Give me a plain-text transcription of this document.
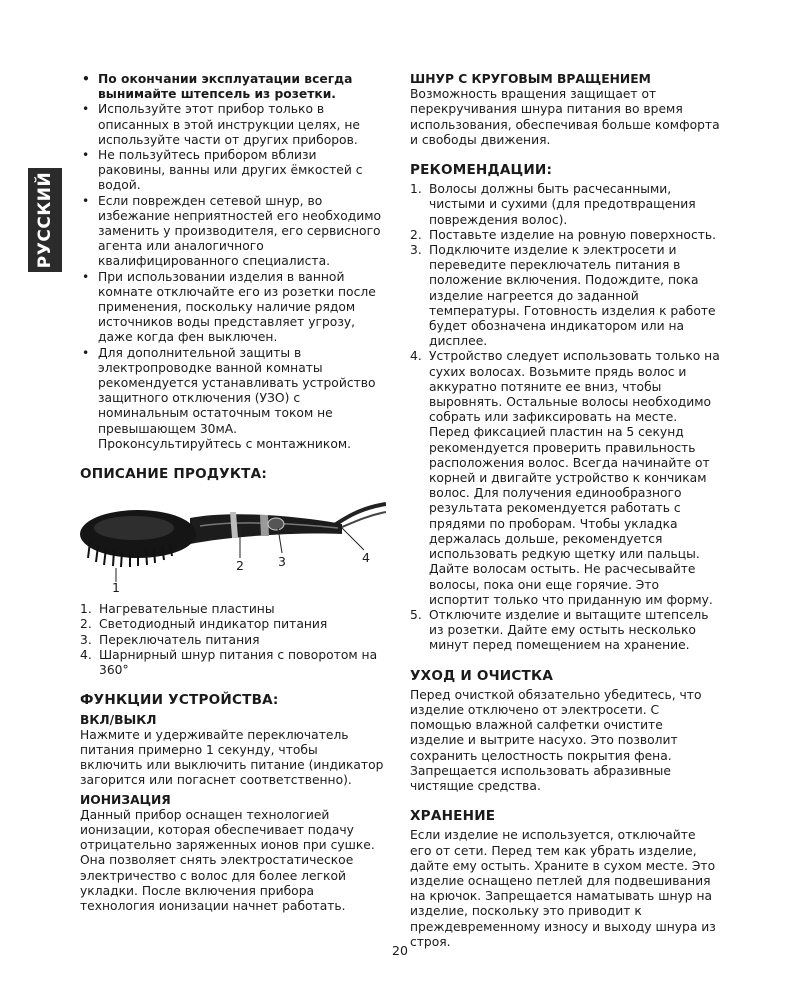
РУССКИЙ
• По окончании эксплуатации всегда вынимайте штепсель из розетки.
• Используйте этот прибор только в описанных в этой инструкции целях, не используйте части от других приборов.
• Не пользуйтесь прибором вблизи раковины, ванны или других ёмкостей с водой.
• Если поврежден сетевой шнур, во избежание неприятностей его необходимо заменить у производителя, его сервисного агента или аналогичного квалифицированного специалиста.
• При использовании изделия в ванной комнате отключайте его из розетки после применения, поскольку наличие рядом источников воды представляет угрозу, даже когда фен выключен.
• Для дополнительной защиты в электропроводке ванной комнаты рекомендуется устанавливать устройство защитного отключения (УЗО) с номинальным остаточным током не превышающем 30мА. Проконсультируйтесь с монтажником.
ОПИСАНИЕ ПРОДУКТА:
1
2	3	4
1. Нагревательные пластины
2. Светодиодный индикатор питания
3. Переключатель питания
4. Шарнирный шнур питания с поворотом на 360°
ФУНКЦИИ УСТРОЙСТВА:
ВКЛ/ВЫКЛ

Нажмите и удерживайте переключатель питания примерно 1 секунду, чтобы включить или выключить питание (индикатор загорится или погаснет соответственно).

ИОНИЗАЦИЯ

Данный прибор оснащен технологией ионизации, которая обеспечивает подачу отрицательно заряженных ионов при сушке. Она позволяет снять электростатическое электричество с волос для более легкой укладки. После включения прибора технология ионизации начнет работать.

ШНУР С КРУГОВЫМ ВРАЩЕНИЕМ

Возможность вращения защищает от перекручивания шнура питания во время использования, обеспечивая больше комфорта и свободы движения.

РЕКОМЕНДАЦИИ:
1. Волосы должны быть расчесанными, чистыми и сухими (для предотвращения повреждения волос).
2. Поставьте изделие на ровную поверхность.
3. Подключите изделие к электросети и переведите переключатель питания в положение включения. Подождите, пока изделие нагреется до заданной температуры. Готовность изделия к работе будет обозначена индикатором или на дисплее.
4. Устройство следует использовать только на сухих волосах. Возьмите прядь волос и аккуратно потяните ее вниз, чтобы выровнять. Остальные волосы необходимо собрать или зафиксировать на месте. Перед фиксацией пластин на 5 секунд рекомендуется проверить правильность расположения волос. Всегда начинайте от корней и двигайте устройство к кончикам волос. Для получения единообразного результата рекомендуется работать с прядями по проборам. Чтобы укладка держалась дольше, рекомендуется использовать редкую щетку или пальцы. Дайте волосам остыть. Не расчесывайте волосы, пока они еще горячие. Это испортит только что приданную им форму.
5. Отключите изделие и вытащите штепсель из розетки. Дайте ему остыть несколько минут перед помещением на хранение.
УХОД И ОЧИСТКА

Перед очисткой обязательно убедитесь, что изделие отключено от электросети. С помощью влажной салфетки очистите изделие и вытрите насухо. Это позволит сохранить целостность покрытия фена. Запрещается использовать абразивные чистящие средства.

ХРАНЕНИЕ

Если изделие не используется, отключайте его от сети. Перед тем как убрать изделие, дайте ему остыть. Храните в сухом месте. Это изделие оснащено петлей для подвешивания на крючок. Запрещается наматывать шнур на изделие, поскольку это приводит к преждевременному износу и выходу шнура из строя.

20
